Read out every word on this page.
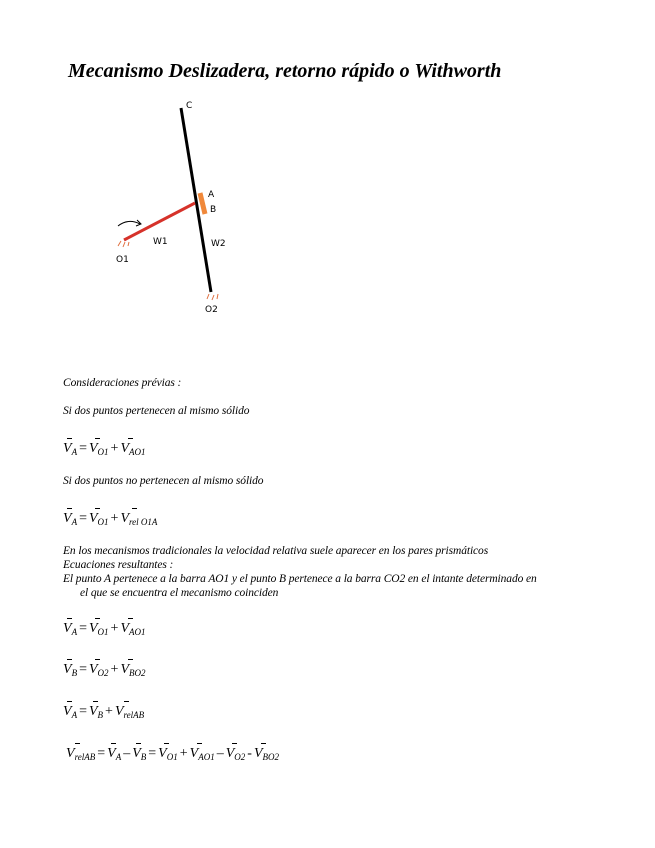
Mecanismo Deslizadera, retorno rápido o Withworth
C
A
B
W1	W2
O1
O2
Consideraciones prévias :
Si dos puntos pertenecen al mismo sólido
$V_A = V_{O1} + V_{AO1}$
Si dos puntos no pertenecen al mismo sólido
$V_A = V_{O1} + V_{rel O1A}$
En los mecanismos tradicionales la velocidad relativa suele aparecer en los pares prismáticos
Ecuaciones resultantes :
El punto A pertenece a la barra AO1 y el punto B pertenece a la barra CO2 en el intante determinado en
el que se encuentra el mecanismo coinciden
$V_A = V_{O1} + V_{AO1}$
$V_B = V_{O2} + V_{BO2}$
$V_A = V_B + V_{relAB}$
$V_{relAB} = V_A - V_B = V_{O1} + V_{AO1} - V_{O2} - V_{BO2}$
